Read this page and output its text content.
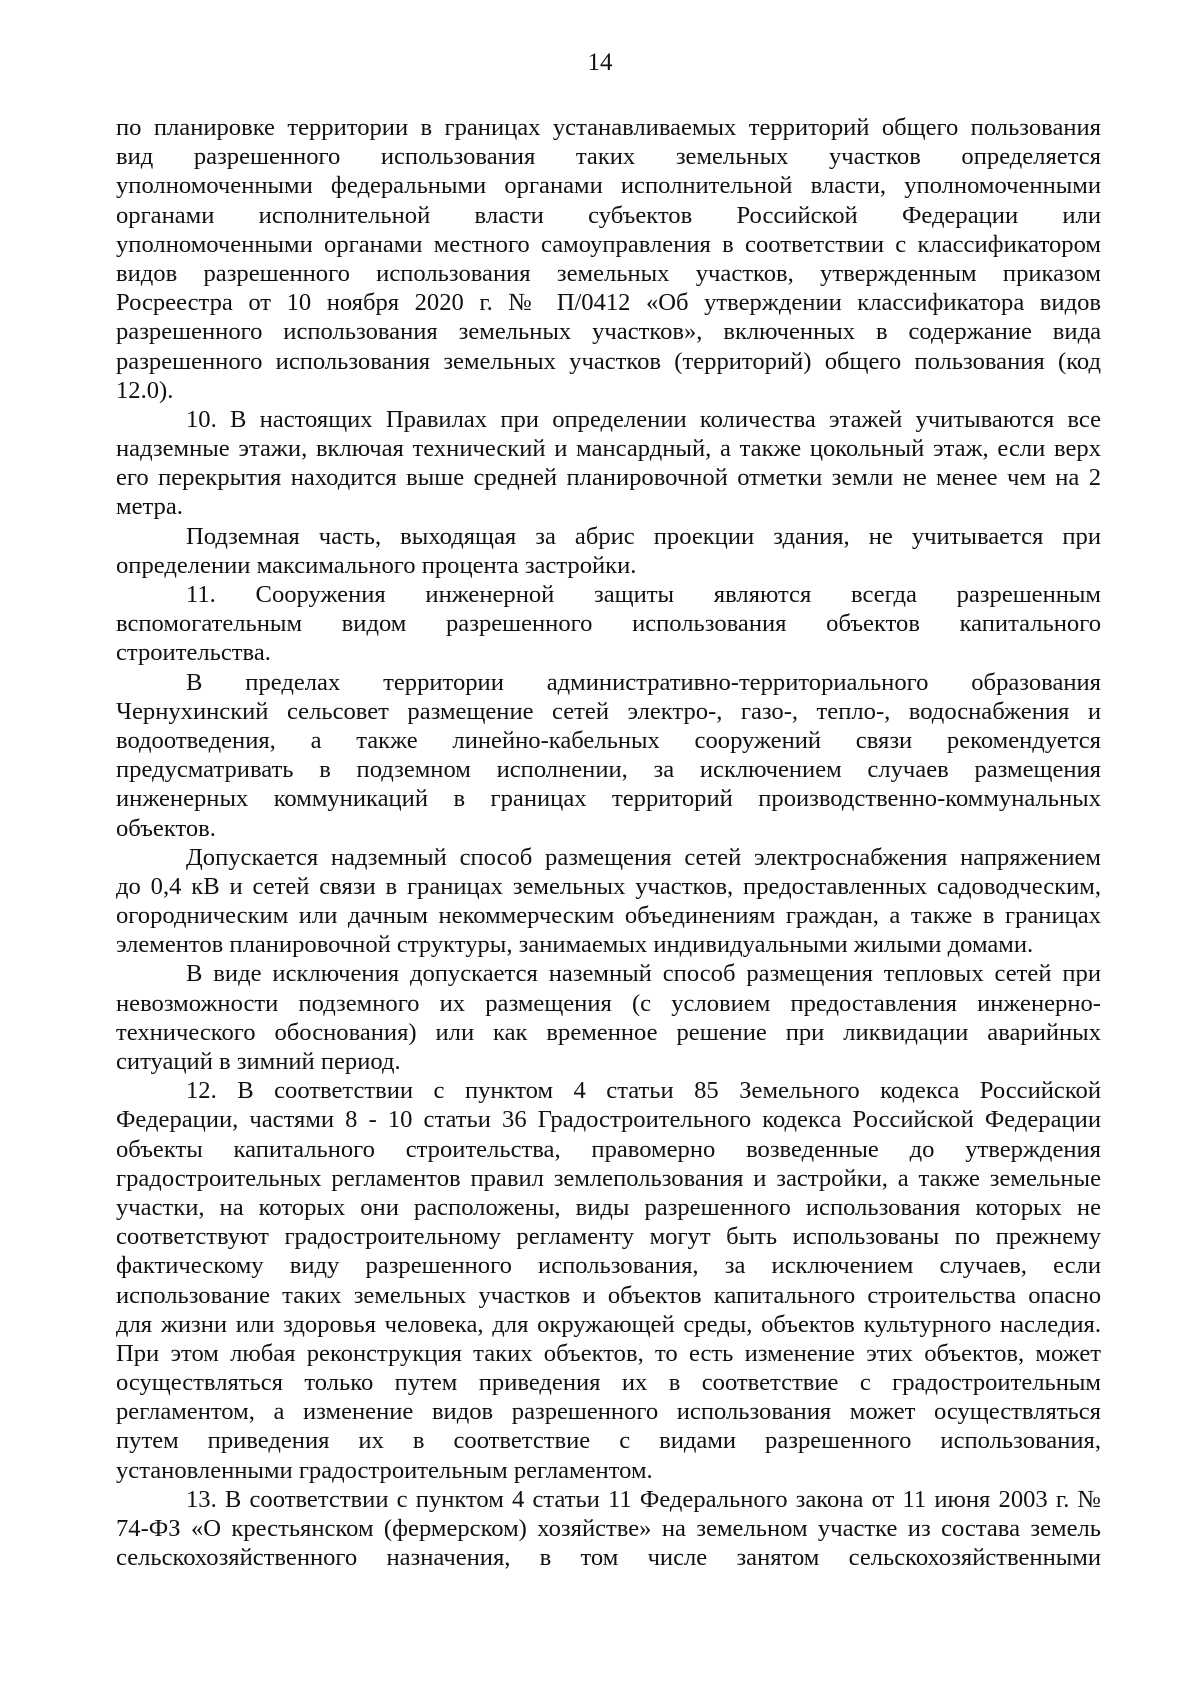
14
по планировке территории в границах устанавливаемых территорий общего пользования
вид разрешенного использования таких земельных участков определяется
уполномоченными федеральными органами исполнительной власти, уполномоченными
органами исполнительной власти субъектов Российской Федерации или
уполномоченными органами местного самоуправления в соответствии с классификатором
видов разрешенного использования земельных участков, утвержденным приказом
Росреестра от 10 ноября 2020 г. № П/0412 «Об утверждении классификатора видов
разрешенного использования земельных участков», включенных в содержание вида
разрешенного использования земельных участков (территорий) общего пользования (код
12.0).
10. В настоящих Правилах при определении количества этажей учитываются все
надземные этажи, включая технический и мансардный, а также цокольный этаж, если верх
его перекрытия находится выше средней планировочной отметки земли не менее чем на 2
метра.
Подземная часть, выходящая за абрис проекции здания, не учитывается при
определении максимального процента застройки.
11. Сооружения инженерной защиты являются всегда разрешенным
вспомогательным видом разрешенного использования объектов капитального
строительства.
В пределах территории административно-территориального образования
Чернухинский сельсовет размещение сетей электро-, газо-, тепло-, водоснабжения и
водоотведения, а также линейно-кабельных сооружений связи рекомендуется
предусматривать в подземном исполнении, за исключением случаев размещения
инженерных коммуникаций в границах территорий производственно-коммунальных
объектов.
Допускается надземный способ размещения сетей электроснабжения напряжением
до 0,4 кВ и сетей связи в границах земельных участков, предоставленных садоводческим,
огородническим или дачным некоммерческим объединениям граждан, а также в границах
элементов планировочной структуры, занимаемых индивидуальными жилыми домами.
В виде исключения допускается наземный способ размещения тепловых сетей при
невозможности подземного их размещения (с условием предоставления инженерно-
технического обоснования) или как временное решение при ликвидации аварийных
ситуаций в зимний период.
12. В соответствии с пунктом 4 статьи 85 Земельного кодекса Российской
Федерации, частями 8 - 10 статьи 36 Градостроительного кодекса Российской Федерации
объекты капитального строительства, правомерно возведенные до утверждения
градостроительных регламентов правил землепользования и застройки, а также земельные
участки, на которых они расположены, виды разрешенного использования которых не
соответствуют градостроительному регламенту могут быть использованы по прежнему
фактическому виду разрешенного использования, за исключением случаев, если
использование таких земельных участков и объектов капитального строительства опасно
для жизни или здоровья человека, для окружающей среды, объектов культурного наследия.
При этом любая реконструкция таких объектов, то есть изменение этих объектов, может
осуществляться только путем приведения их в соответствие с градостроительным
регламентом, а изменение видов разрешенного использования может осуществляться
путем приведения их в соответствие с видами разрешенного использования,
установленными градостроительным регламентом.
13. В соответствии с пунктом 4 статьи 11 Федерального закона от 11 июня 2003 г. №
74-ФЗ «О крестьянском (фермерском) хозяйстве» на земельном участке из состава земель
сельскохозяйственного назначения, в том числе занятом сельскохозяйственными
